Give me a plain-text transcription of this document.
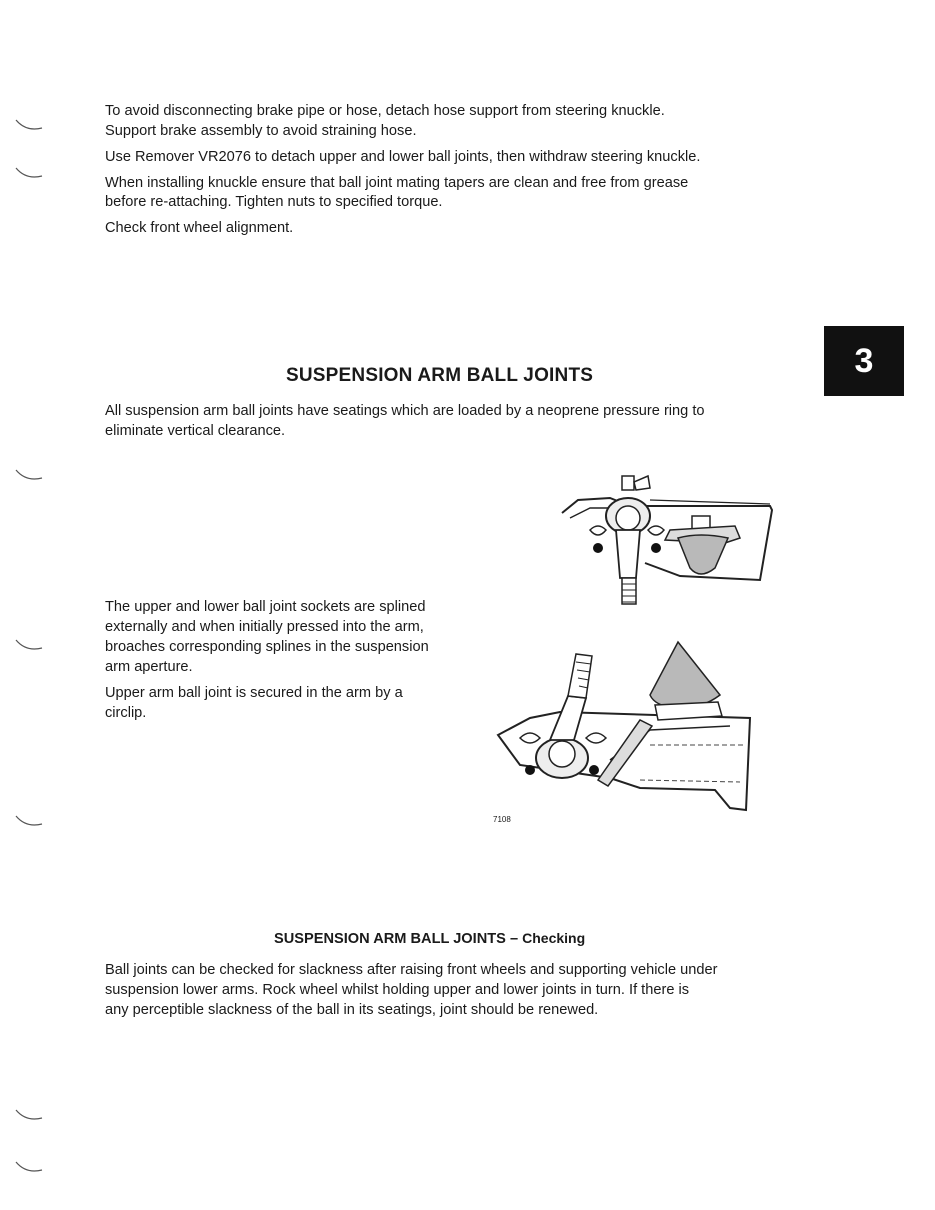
To avoid disconnecting brake pipe or hose, detach hose support from steering knuckle.

Support brake assembly to avoid straining hose.

Use Remover VR2076 to detach upper and lower ball joints, then withdraw steering knuckle.

When installing knuckle ensure that ball joint mating tapers are clean and free from grease

before re-attaching. Tighten nuts to specified torque.

Check front wheel alignment.

3
SUSPENSION ARM BALL JOINTS

All suspension arm ball joints have seatings which are loaded by a neoprene pressure ring to

eliminate vertical clearance.

The upper and lower ball joint sockets are splined

externally and when initially pressed into the arm,

broaches corresponding splines in the suspension

arm aperture.

Upper arm ball joint is secured in the arm by a

circlip.

7108
SUSPENSION ARM BALL JOINTS – Checking

Ball joints can be checked for slackness after raising front wheels and supporting vehicle under

suspension lower arms. Rock wheel whilst holding upper and lower joints in turn. If there is

any perceptible slackness of the ball in its seatings, joint should be renewed.
